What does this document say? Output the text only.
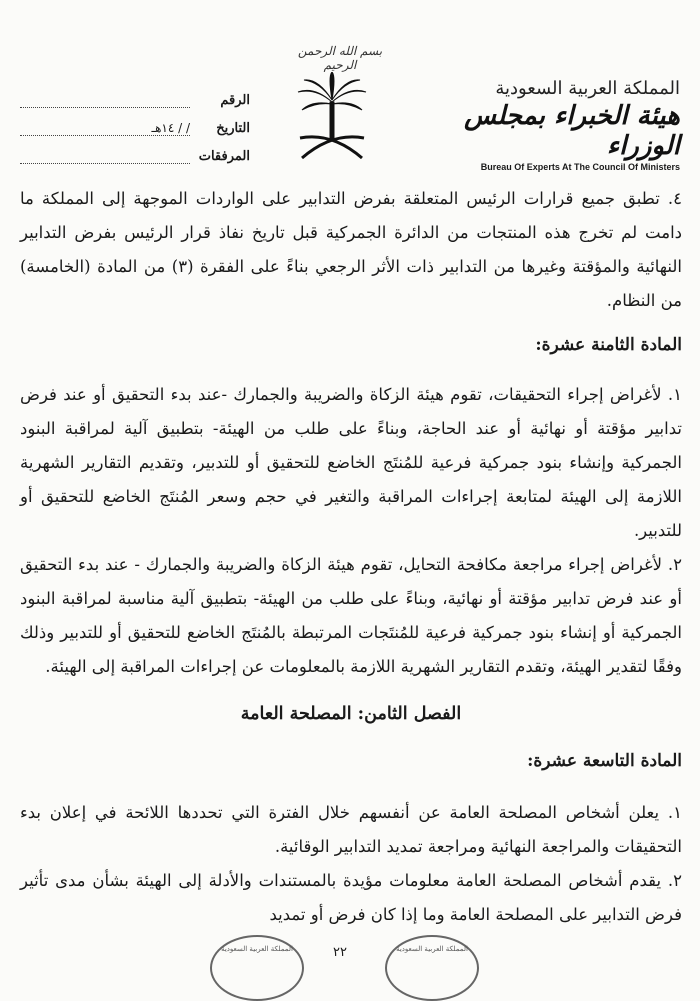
بسم الله الرحمن الرحيم
المملكة العربية السعودية
هيئة الخبراء بمجلس الوزراء
Bureau Of Experts At The Council Of Ministers
الرقم
التاريخ
/ / ١٤هـ
المرفقات

٤. تطبق جميع قرارات الرئيس المتعلقة بفرض التدابير على الواردات الموجهة إلى المملكة ما دامت لم تخرج هذه المنتجات من الدائرة الجمركية قبل تاريخ نفاذ قرار الرئيس بفرض التدابير النهائية والمؤقتة وغيرها من التدابير ذات الأثر الرجعي بناءً على الفقرة (٣) من المادة (الخامسة) من النظام.

المادة الثامنة عشرة:

١. لأغراض إجراء التحقيقات، تقوم هيئة الزكاة والضريبة والجمارك -عند بدء التحقيق أو عند فرض تدابير مؤقتة أو نهائية أو عند الحاجة، وبناءً على طلب من الهيئة- بتطبيق آلية لمراقبة البنود الجمركية وإنشاء بنود جمركية فرعية للمُنتَج الخاضع للتحقيق أو للتدبير، وتقديم التقارير الشهرية اللازمة إلى الهيئة لمتابعة إجراءات المراقبة والتغير في حجم وسعر المُنتَج الخاضع للتحقيق أو للتدبير.

٢. لأغراض إجراء مراجعة مكافحة التحايل، تقوم هيئة الزكاة والضريبة والجمارك - عند بدء التحقيق أو عند فرض تدابير مؤقتة أو نهائية، وبناءً على طلب من الهيئة- بتطبيق آلية مناسبة لمراقبة البنود الجمركية أو إنشاء بنود جمركية فرعية للمُنتَجات المرتبطة بالمُنتَج الخاضع للتحقيق أو للتدبير وذلك وفقًا لتقدير الهيئة، وتقدم التقارير الشهرية اللازمة بالمعلومات عن إجراءات المراقبة إلى الهيئة.

الفصل الثامن: المصلحة العامة

المادة التاسعة عشرة:

١. يعلن أشخاص المصلحة العامة عن أنفسهم خلال الفترة التي تحددها اللائحة في إعلان بدء التحقيقات والمراجعة النهائية ومراجعة تمديد التدابير الوقائية.

٢. يقدم أشخاص المصلحة العامة معلومات مؤيدة بالمستندات والأدلة إلى الهيئة بشأن مدى تأثير فرض التدابير على المصلحة العامة وما إذا كان فرض أو تمديد

المملكة العربية السعودية	٢٢	المملكة العربية السعودية
